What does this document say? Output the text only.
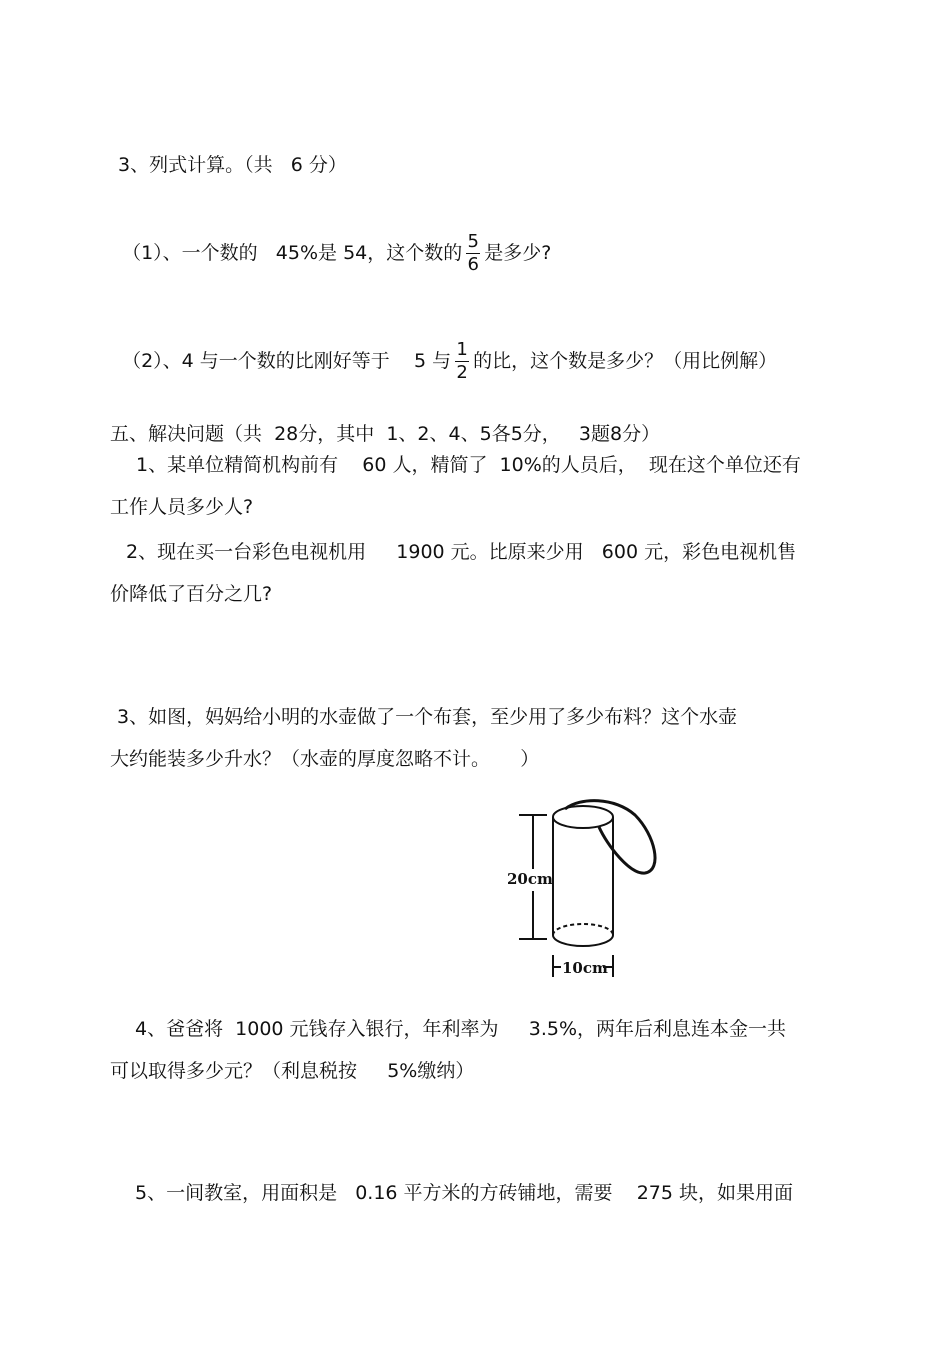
3、列式计算。（共   6 分）

（1）、一个数的   45%是 54，这个数的 $\frac{5}{6}$ 是多少?

（2）、4 与一个数的比刚好等于    5 与 $\frac{1}{2}$ 的比，这个数是多少？（用比例解）

五、解决问题（共  28分，其中  1、2、4、5各5分，   3题8分）
1、某单位精简机构前有    60 人，精简了  10%的人员后，  现在这个单位还有
工作人员多少人?
2、现在买一台彩色电视机用     1900 元。比原来少用   600 元，彩色电视机售
价降低了百分之几?
3、如图，妈妈给小明的水壶做了一个布套，至少用了多少布料？这个水壶
大约能装多少升水？（水壶的厚度忽略不计。     ）
20cm
10cm
4、爸爸将  1000 元钱存入银行，年利率为     3.5%，两年后利息连本金一共
可以取得多少元？（利息税按     5%缴纳）
5、一间教室，用面积是   0.16 平方米的方砖铺地，需要    275 块，如果用面
